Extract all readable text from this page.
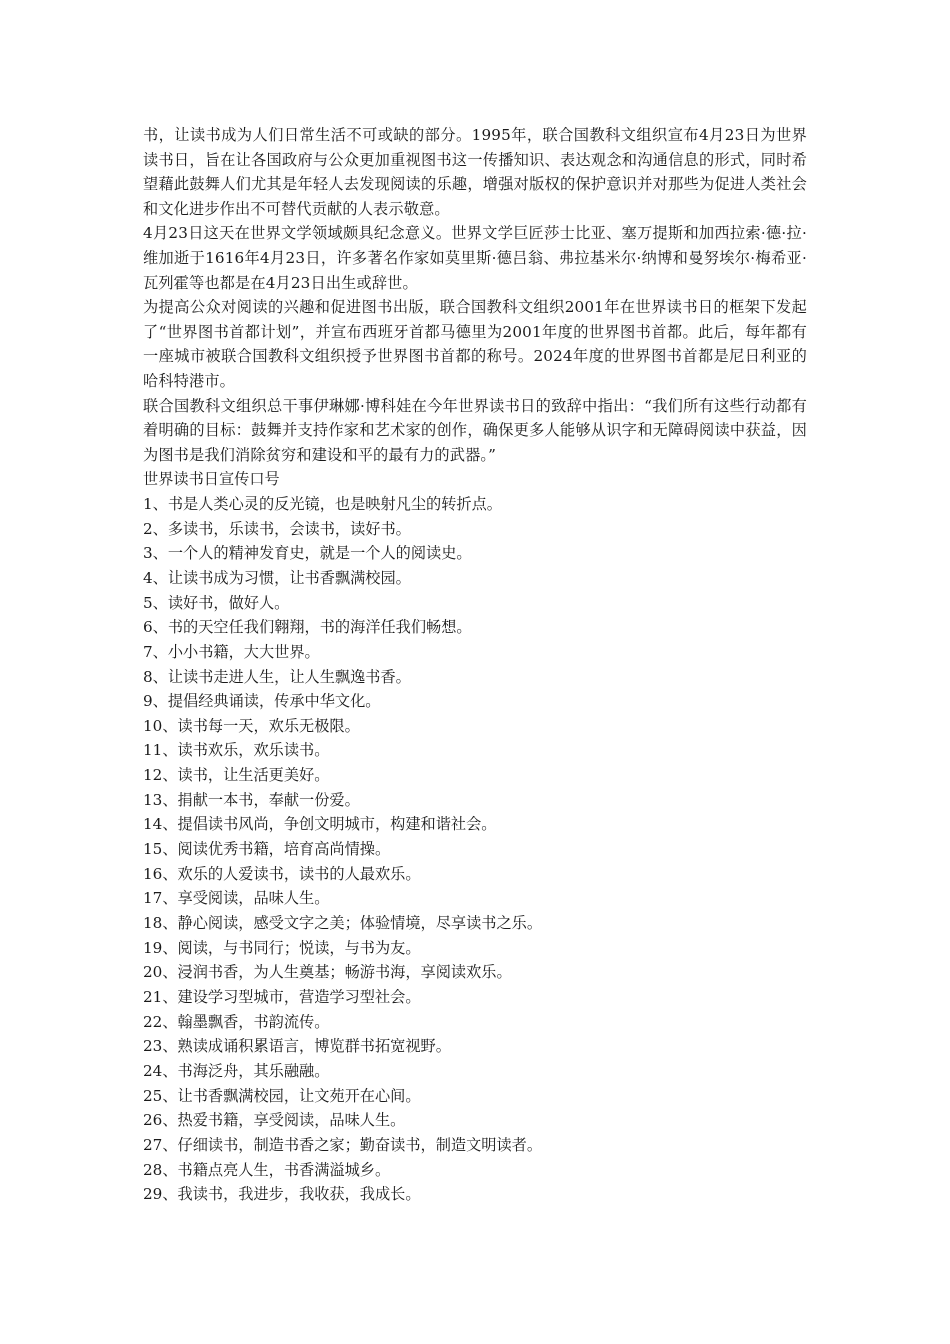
书，让读书成为人们日常生活不可或缺的部分。1995年，联合国教科文组织宣布4月23日为世界读书日，旨在让各国政府与公众更加重视图书这一传播知识、表达观念和沟通信息的形式，同时希望藉此鼓舞人们尤其是年轻人去发现阅读的乐趣，增强对版权的保护意识并对那些为促进人类社会和文化进步作出不可替代贡献的人表示敬意。

4月23日这天在世界文学领域颇具纪念意义。世界文学巨匠莎士比亚、塞万提斯和加西拉索·德·拉·维加逝于1616年4月23日，许多著名作家如莫里斯·德吕翁、弗拉基米尔·纳博和曼努埃尔·梅希亚·瓦列霍等也都是在4月23日出生或辞世。

为提高公众对阅读的兴趣和促进图书出版，联合国教科文组织2001年在世界读书日的框架下发起了“世界图书首都计划”，并宣布西班牙首都马德里为2001年度的世界图书首都。此后，每年都有一座城市被联合国教科文组织授予世界图书首都的称号。2024年度的世界图书首都是尼日利亚的哈科特港市。

联合国教科文组织总干事伊琳娜·博科娃在今年世界读书日的致辞中指出：“我们所有这些行动都有着明确的目标：鼓舞并支持作家和艺术家的创作，确保更多人能够从识字和无障碍阅读中获益，因为图书是我们消除贫穷和建设和平的最有力的武器。”

世界读书日宣传口号

1、书是人类心灵的反光镜，也是映射凡尘的转折点。
2、多读书，乐读书，会读书，读好书。
3、一个人的精神发育史，就是一个人的阅读史。
4、让读书成为习惯，让书香飘满校园。
5、读好书，做好人。
6、书的天空任我们翱翔，书的海洋任我们畅想。
7、小小书籍，大大世界。
8、让读书走进人生，让人生飘逸书香。
9、提倡经典诵读，传承中华文化。
10、读书每一天，欢乐无极限。
11、读书欢乐，欢乐读书。
12、读书，让生活更美好。
13、捐献一本书，奉献一份爱。
14、提倡读书风尚，争创文明城市，构建和谐社会。
15、阅读优秀书籍，培育高尚情操。
16、欢乐的人爱读书，读书的人最欢乐。
17、享受阅读，品味人生。
18、静心阅读，感受文字之美；体验情境，尽享读书之乐。
19、阅读，与书同行；悦读，与书为友。
20、浸润书香，为人生奠基；畅游书海，享阅读欢乐。
21、建设学习型城市，营造学习型社会。
22、翰墨飘香，书韵流传。
23、熟读成诵积累语言，博览群书拓宽视野。
24、书海泛舟，其乐融融。
25、让书香飘满校园，让文苑开在心间。
26、热爱书籍，享受阅读，品味人生。
27、仔细读书，制造书香之家；勤奋读书，制造文明读者。
28、书籍点亮人生，书香满溢城乡。
29、我读书，我进步，我收获，我成长。
